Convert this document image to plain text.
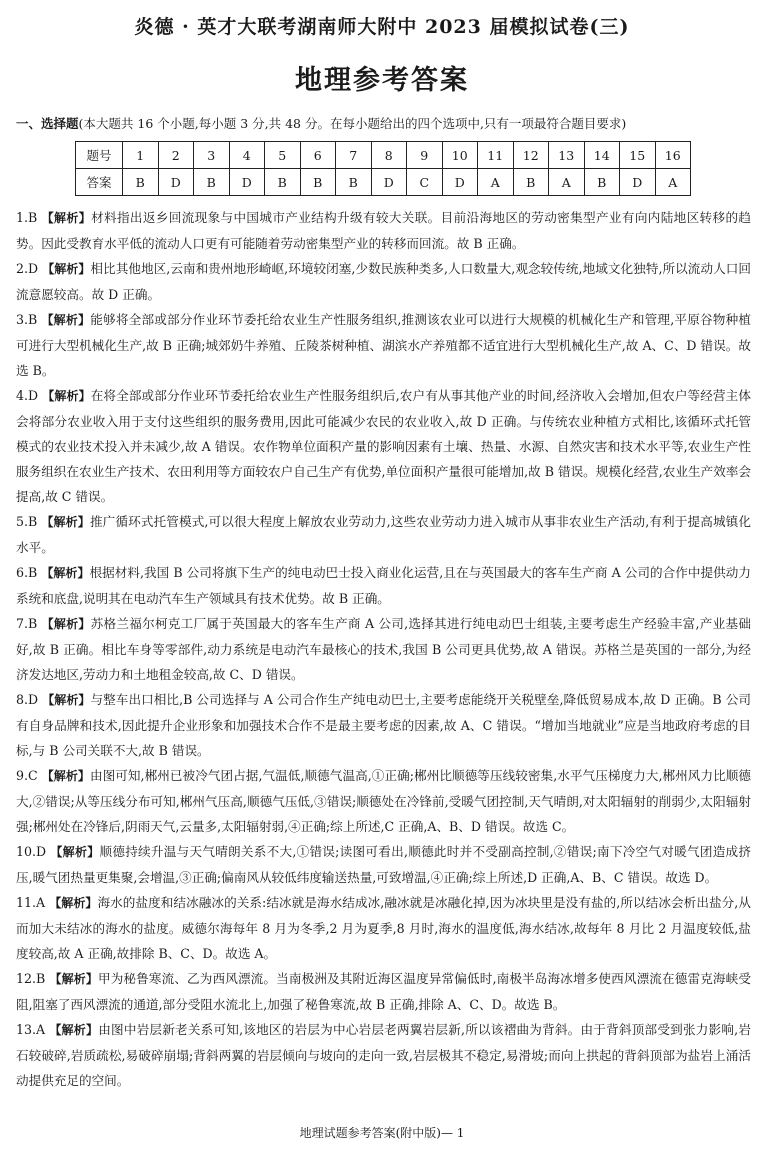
炎德 · 英才大联考湖南师大附中 2023 届模拟试卷(三)
地理参考答案
一、选择题(本大题共 16 个小题,每小题 3 分,共 48 分。在每小题给出的四个选项中,只有一项最符合题目要求)
题号	1	2	3	4	5	6	7	8	9	10	11	12	13	14	15	16
答案	B	D	B	D	B	B	B	D	C	D	A	B	A	B	D	A

1.B 【解析】材料指出返乡回流现象与中国城市产业结构升级有较大关联。目前沿海地区的劳动密集型产业有向内陆地区转移的趋势。因此受教育水平低的流动人口更有可能随着劳动密集型产业的转移而回流。故 B 正确。

2.D 【解析】相比其他地区,云南和贵州地形崎岖,环境较闭塞,少数民族种类多,人口数量大,观念较传统,地域文化独特,所以流动人口回流意愿较高。故 D 正确。

3.B 【解析】能够将全部或部分作业环节委托给农业生产性服务组织,推测该农业可以进行大规模的机械化生产和管理,平原谷物种植可进行大型机械化生产,故 B 正确;城郊奶牛养殖、丘陵茶树种植、湖滨水产养殖都不适宜进行大型机械化生产,故 A、C、D 错误。故选 B。

4.D 【解析】在将全部或部分作业环节委托给农业生产性服务组织后,农户有从事其他产业的时间,经济收入会增加,但农户等经营主体会将部分农业收入用于支付这些组织的服务费用,因此可能减少农民的农业收入,故 D 正确。与传统农业种植方式相比,该循环式托管模式的农业技术投入并未减少,故 A 错误。农作物单位面积产量的影响因素有土壤、热量、水源、自然灾害和技术水平等,农业生产性服务组织在农业生产技术、农田利用等方面较农户自己生产有优势,单位面积产量很可能增加,故 B 错误。规模化经营,农业生产效率会提高,故 C 错误。

5.B 【解析】推广循环式托管模式,可以很大程度上解放农业劳动力,这些农业劳动力进入城市从事非农业生产活动,有利于提高城镇化水平。

6.B 【解析】根据材料,我国 B 公司将旗下生产的纯电动巴士投入商业化运营,且在与英国最大的客车生产商 A 公司的合作中提供动力系统和底盘,说明其在电动汽车生产领域具有技术优势。故 B 正确。

7.B 【解析】苏格兰福尔柯克工厂属于英国最大的客车生产商 A 公司,选择其进行纯电动巴士组装,主要考虑生产经验丰富,产业基础好,故 B 正确。相比车身等零部件,动力系统是电动汽车最核心的技术,我国 B 公司更具优势,故 A 错误。苏格兰是英国的一部分,为经济发达地区,劳动力和土地租金较高,故 C、D 错误。

8.D 【解析】与整车出口相比,B 公司选择与 A 公司合作生产纯电动巴士,主要考虑能绕开关税壁垒,降低贸易成本,故 D 正确。B 公司有自身品牌和技术,因此提升企业形象和加强技术合作不是最主要考虑的因素,故 A、C 错误。“增加当地就业”应是当地政府考虑的目标,与 B 公司关联不大,故 B 错误。

9.C 【解析】由图可知,郴州已被冷气团占据,气温低,顺德气温高,①正确;郴州比顺德等压线较密集,水平气压梯度力大,郴州风力比顺德大,②错误;从等压线分布可知,郴州气压高,顺德气压低,③错误;顺德处在冷锋前,受暖气团控制,天气晴朗,对太阳辐射的削弱少,太阳辐射强;郴州处在冷锋后,阴雨天气,云量多,太阳辐射弱,④正确;综上所述,C 正确,A、B、D 错误。故选 C。

10.D 【解析】顺德持续升温与天气晴朗关系不大,①错误;读图可看出,顺德此时并不受副高控制,②错误;南下冷空气对暖气团造成挤压,暖气团热量更集聚,会增温,③正确;偏南风从较低纬度输送热量,可致增温,④正确;综上所述,D 正确,A、B、C 错误。故选 D。

11.A 【解析】海水的盐度和结冰融冰的关系:结冰就是海水结成冰,融冰就是冰融化掉,因为冰块里是没有盐的,所以结冰会析出盐分,从而加大未结冰的海水的盐度。威德尔海每年 8 月为冬季,2 月为夏季,8 月时,海水的温度低,海水结冰,故每年 8 月比 2 月温度较低,盐度较高,故 A 正确,故排除 B、C、D。故选 A。

12.B 【解析】甲为秘鲁寒流、乙为西风漂流。当南极洲及其附近海区温度异常偏低时,南极半岛海冰增多使西风漂流在德雷克海峡受阻,阻塞了西风漂流的通道,部分受阻水流北上,加强了秘鲁寒流,故 B 正确,排除 A、C、D。故选 B。

13.A 【解析】由图中岩层新老关系可知,该地区的岩层为中心岩层老两翼岩层新,所以该褶曲为背斜。由于背斜顶部受到张力影响,岩石较破碎,岩质疏松,易破碎崩塌;背斜两翼的岩层倾向与坡向的走向一致,岩层极其不稳定,易滑坡;而向上拱起的背斜顶部为盐岩上涌活动提供充足的空间。

地理试题参考答案(附中版)— 1
